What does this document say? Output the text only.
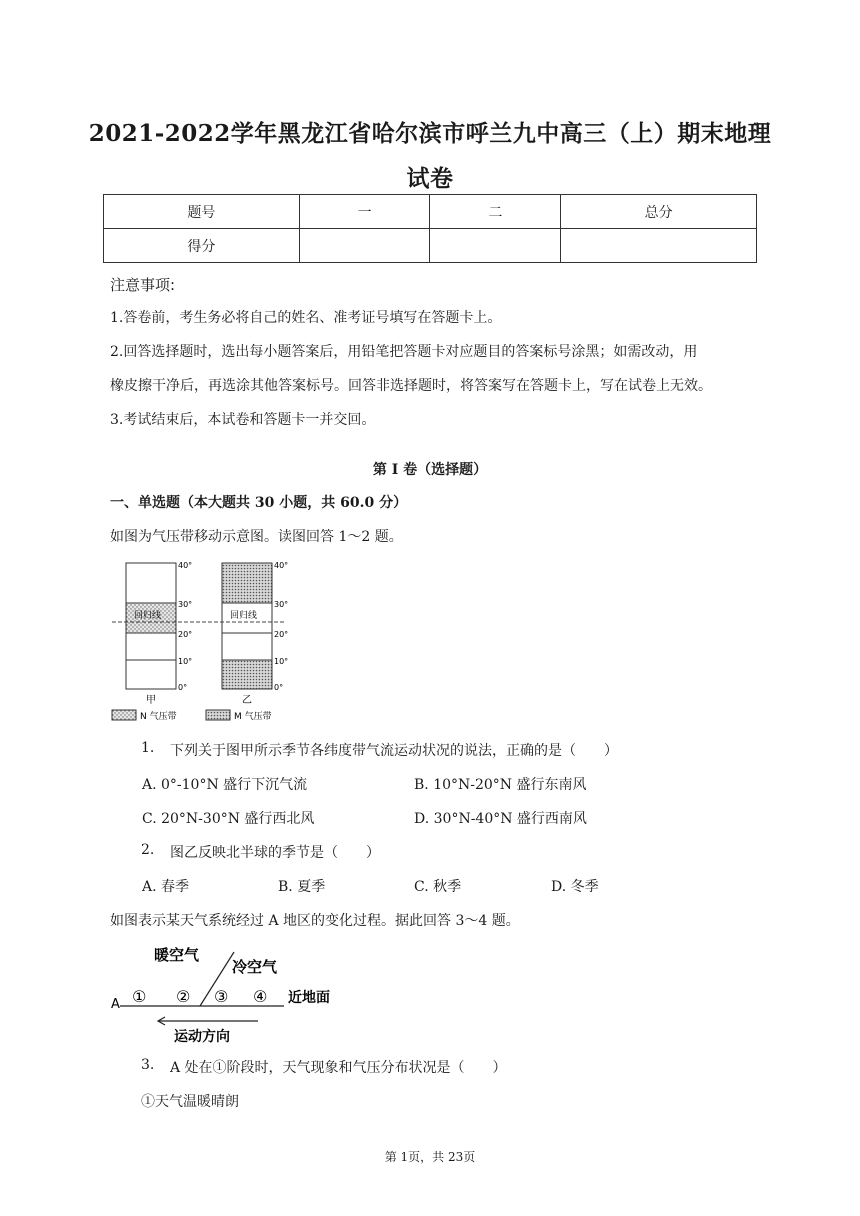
2021-2022学年黑龙江省哈尔滨市呼兰九中高三（上）期末地理
试卷
题号	一	二	总分
得分			
注意事项:
1.答卷前，考生务必将自己的姓名、准考证号填写在答题卡上。
2.回答选择题时，选出每小题答案后，用铅笔把答题卡对应题目的答案标号涂黑；如需改动，用
橡皮擦干净后，再选涂其他答案标号。回答非选择题时，将答案写在答题卡上，写在试卷上无效。
3.考试结束后，本试卷和答题卡一并交回。
第 I 卷（选择题）
一、单选题（本大题共 30 小题，共 60.0 分）
如图为气压带移动示意图。读图回答 1～2 题。
回归线	回归线
40°
30°
20°
10°
0°
40°
30°
20°
10°
0°
甲	乙
N 气压带	M 气压带
1. 下列关于图甲所示季节各纬度带气流运动状况的说法，正确的是（　　）
A. 0°-10°N 盛行下沉气流	B. 10°N-20°N 盛行东南风
C. 20°N-30°N 盛行西北风	D. 30°N-40°N 盛行西南风
2. 图乙反映北半球的季节是（　　）
A. 春季	B. 夏季	C. 秋季	D. 冬季
如图表示某天气系统经过 A 地区的变化过程。据此回答 3～4 题。
暖空气
冷空气
A ① ② ③ ④ 近地面
运动方向
3. A 处在①阶段时，天气现象和气压分布状况是（　　）
①天气温暖晴朗
第 1页，共 23页
